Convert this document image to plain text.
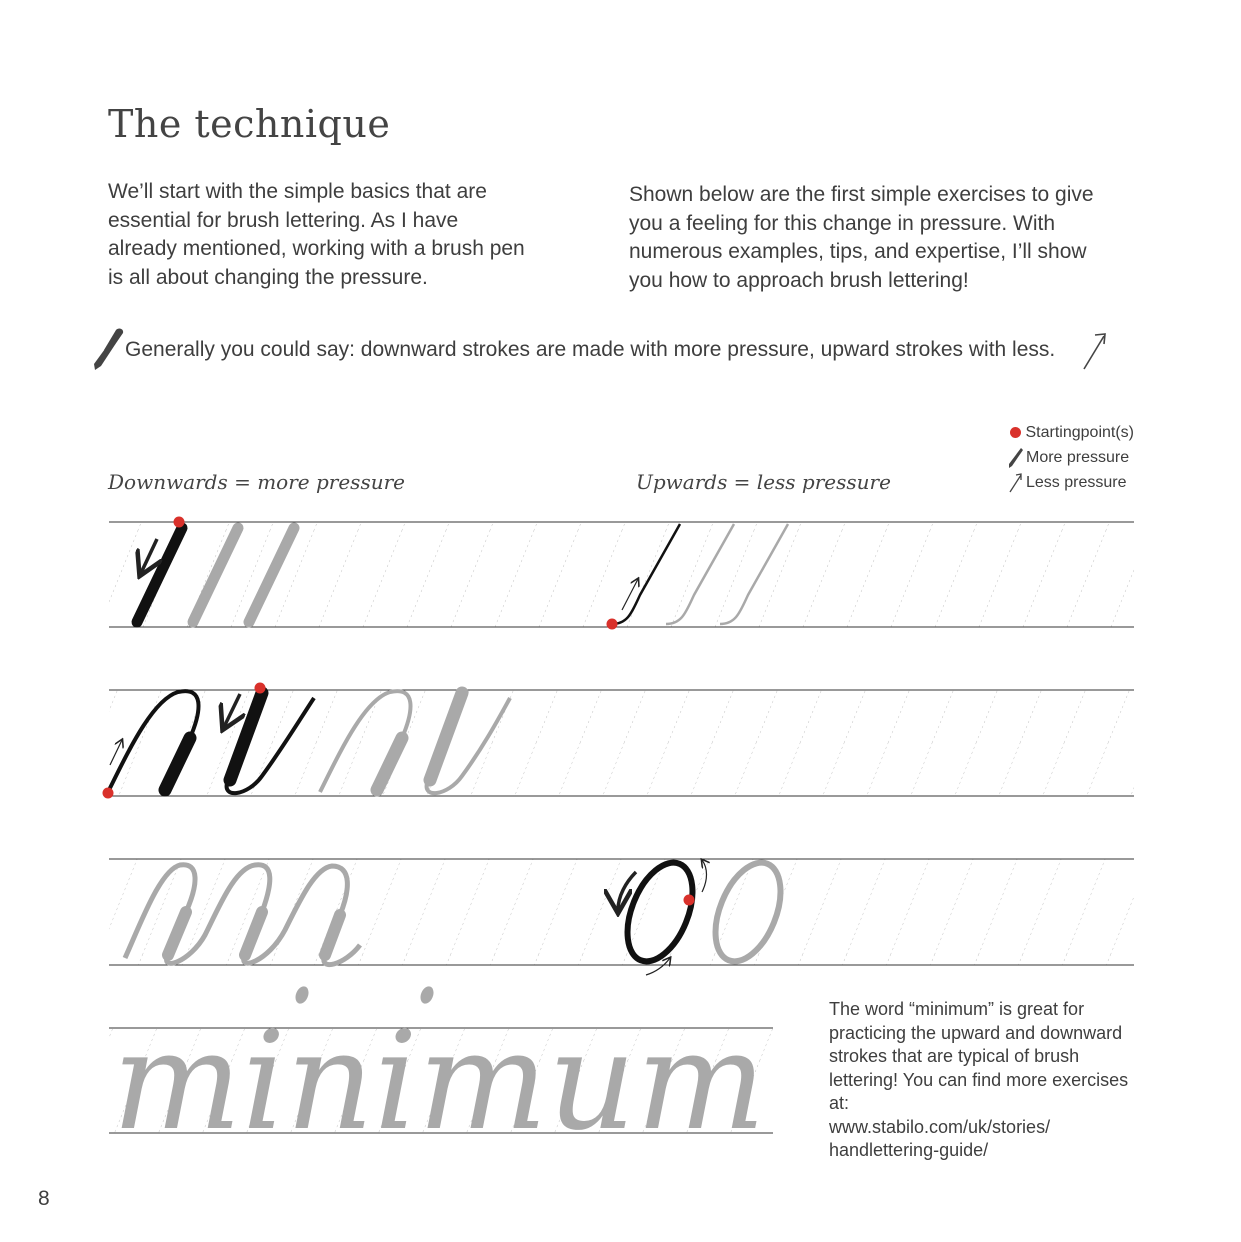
The technique

We’ll start with the simple basics that are essential for brush lettering. As I have already mentioned, working with a brush pen is all about changing the pressure.

Shown below are the first simple exercises to give you a feeling for this change in pressure. With numerous examples, tips, and expertise, I’ll show you how to approach brush lettering!

minimum
Generally you could say: downward strokes are made with more pressure, upward strokes with less.
Downwards = more pressure	Upwards = less pressure
Startingpoint(s)
More pressure
Less pressure
The word “minimum” is great for practicing the upward and downward strokes that are typical of brush lettering! You can find more exercises at:
www.stabilo.com/uk/stories/
handlettering-guide/
8
